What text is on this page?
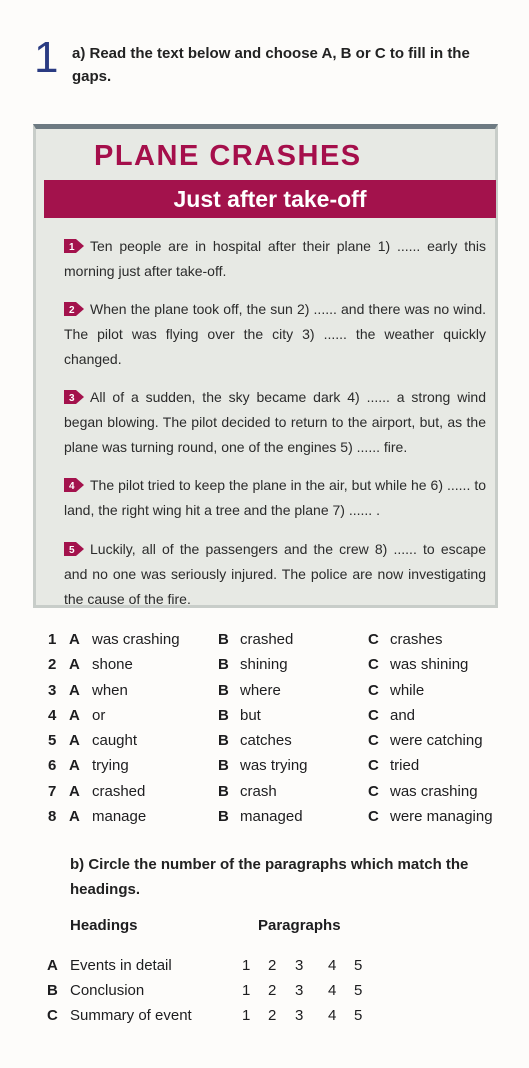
1 a) Read the text below and choose A, B or C to fill in the gaps.
PLANE CRASHES
Just after take-off
1 Ten people are in hospital after their plane 1) ...... early this morning just after take-off.
2 When the plane took off, the sun 2) ...... and there was no wind. The pilot was flying over the city 3) ...... the weather quickly changed.
3 All of a sudden, the sky became dark 4) ...... a strong wind began blowing. The pilot decided to return to the airport, but, as the plane was turning round, one of the engines 5) ...... fire.
4 The pilot tried to keep the plane in the air, but while he 6) ...... to land, the right wing hit a tree and the plane 7) ...... .
5 Luckily, all of the passengers and the crew 8) ...... to escape and no one was seriously injured. The police are now investigating the cause of the fire.
1 A was crashing	B crashed	C crashes
2 A shone	B shining	C was shining
3 A when	B where	C while
4 A or	B but	C and
5 A caught	B catches	C were catching
6 A trying	B was trying	C tried
7 A crashed	B crash	C was crashing
8 A manage	B managed	C were managing
b) Circle the number of the paragraphs which match the headings.
Headings	Paragraphs
A Events in detail	1 2 3 4 5
B Conclusion	1 2 3 4 5
C Summary of event	1 2 3 4 5
